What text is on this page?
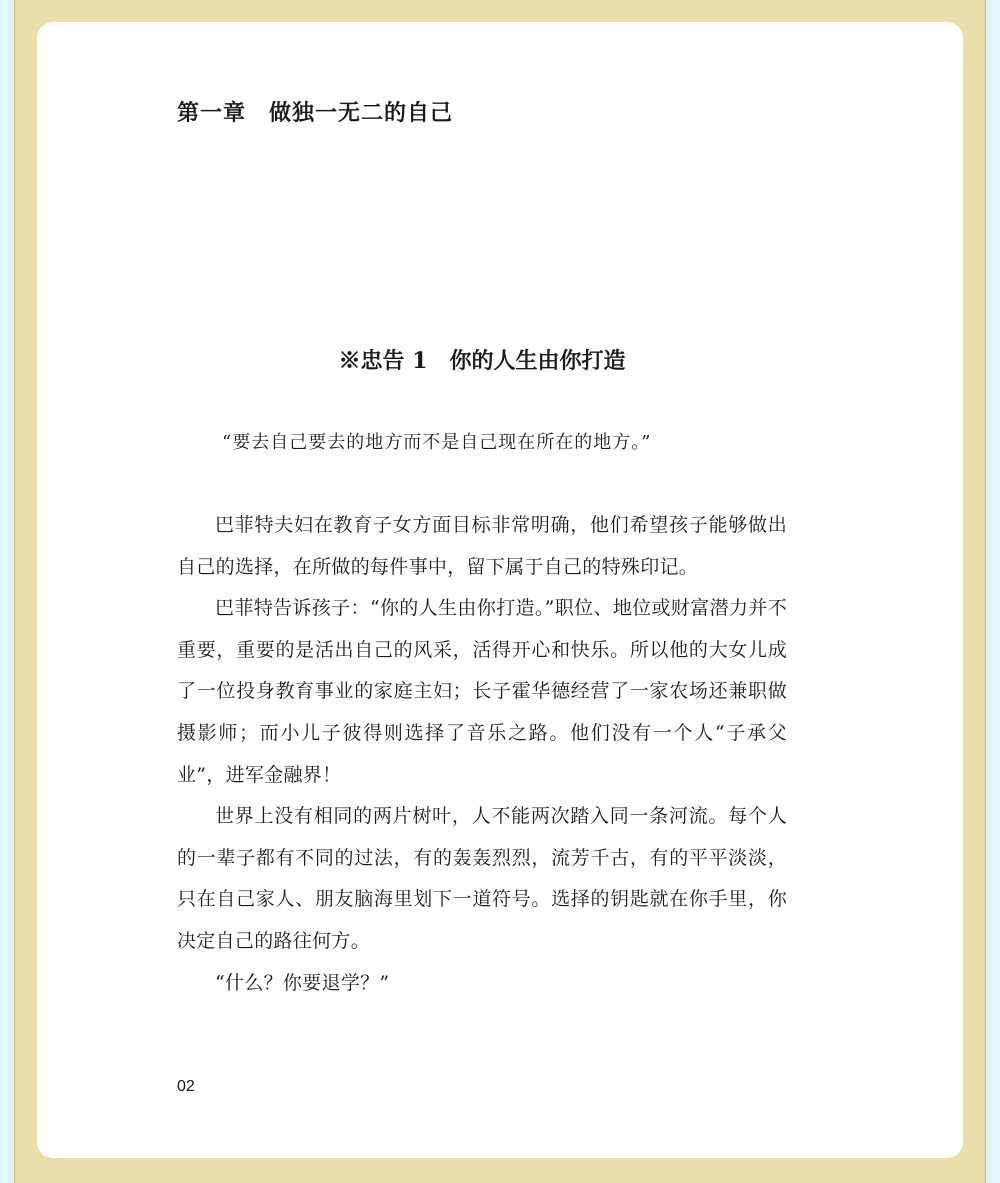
第一章　做独一无二的自己
※忠告 1　你的人生由你打造

“要去自己要去的地方而不是自己现在所在的地方。”

巴菲特夫妇在教育子女方面目标非常明确，他们希望孩子能够做出自己的选择，在所做的每件事中，留下属于自己的特殊印记。

巴菲特告诉孩子：“你的人生由你打造。”职位、地位或财富潜力并不重要，重要的是活出自己的风采，活得开心和快乐。所以他的大女儿成了一位投身教育事业的家庭主妇；长子霍华德经营了一家农场还兼职做摄影师；而小儿子彼得则选择了音乐之路。他们没有一个人“子承父业”，进军金融界！

世界上没有相同的两片树叶，人不能两次踏入同一条河流。每个人的一辈子都有不同的过法，有的轰轰烈烈，流芳千古，有的平平淡淡，只在自己家人、朋友脑海里划下一道符号。选择的钥匙就在你手里，你决定自己的路往何方。

“什么？你要退学？”

02
